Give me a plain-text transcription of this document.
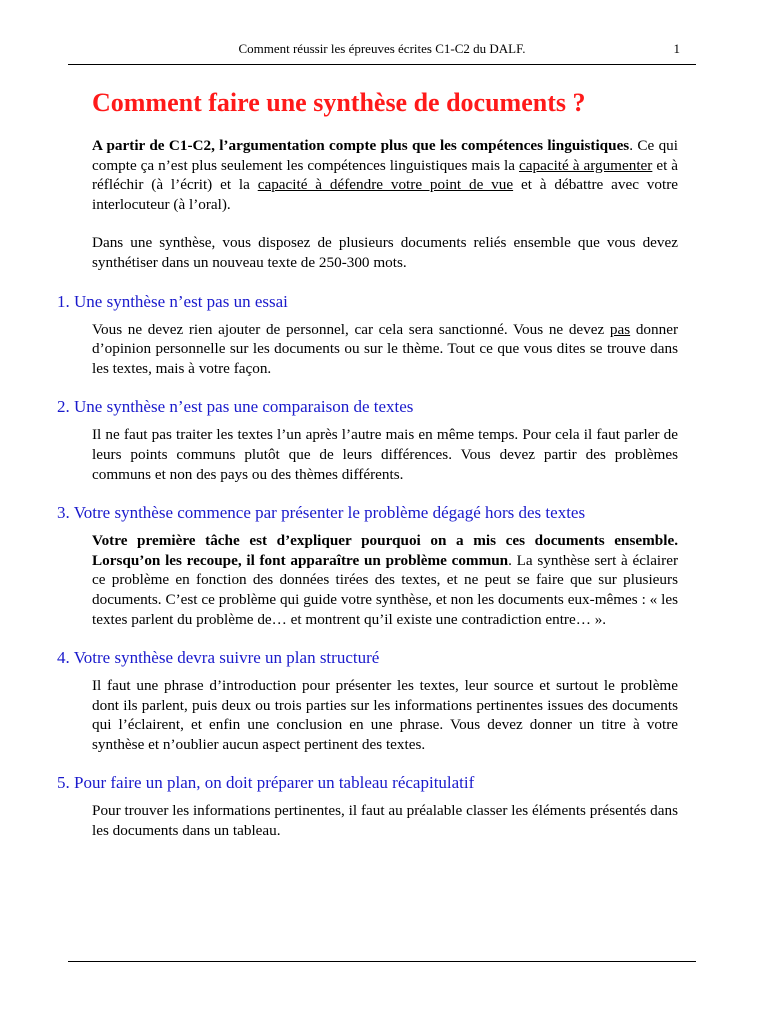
Comment réussir les épreuves écrites C1-C2 du DALF.	1
Comment faire une synthèse de documents ?

A partir de C1-C2, l’argumentation compte plus que les compétences linguistiques. Ce qui compte ça n’est plus seulement les compétences linguistiques mais la capacité à argumenter et à réfléchir (à l’écrit) et la capacité à défendre votre point de vue et à débattre avec votre interlocuteur (à l’oral).

Dans une synthèse, vous disposez de plusieurs documents reliés ensemble que vous devez synthétiser dans un nouveau texte de 250-300 mots.

1. Une synthèse n’est pas un essai

Vous ne devez rien ajouter de personnel, car cela sera sanctionné. Vous ne devez pas donner d’opinion personnelle sur les documents ou sur le thème. Tout ce que vous dites se trouve dans les textes, mais à votre façon.

2. Une synthèse n’est pas une comparaison de textes

Il ne faut pas traiter les textes l’un après l’autre mais en même temps. Pour cela il faut parler de leurs points communs plutôt que de leurs différences. Vous devez partir des problèmes communs et non des pays ou des thèmes différents.

3. Votre synthèse commence par présenter le problème dégagé hors des textes

Votre première tâche est d’expliquer pourquoi on a mis ces documents ensemble. Lorsqu’on les recoupe, il font apparaître un problème commun. La synthèse sert à éclairer ce problème en fonction des données tirées des textes, et ne peut se faire que sur plusieurs documents. C’est ce problème qui guide votre synthèse, et non les documents eux-mêmes : « les textes parlent du problème de… et montrent qu’il existe une contradiction entre… ».

4. Votre synthèse devra suivre un plan structuré

Il faut une phrase d’introduction pour présenter les textes, leur source et surtout le problème dont ils parlent, puis deux ou trois parties sur les informations pertinentes issues des documents qui l’éclairent, et enfin une conclusion en une phrase. Vous devez donner un titre à votre synthèse et n’oublier aucun aspect pertinent des textes.

5. Pour faire un plan, on doit préparer un tableau récapitulatif

Pour trouver les informations pertinentes, il faut au préalable classer les éléments présentés dans les documents dans un tableau.
